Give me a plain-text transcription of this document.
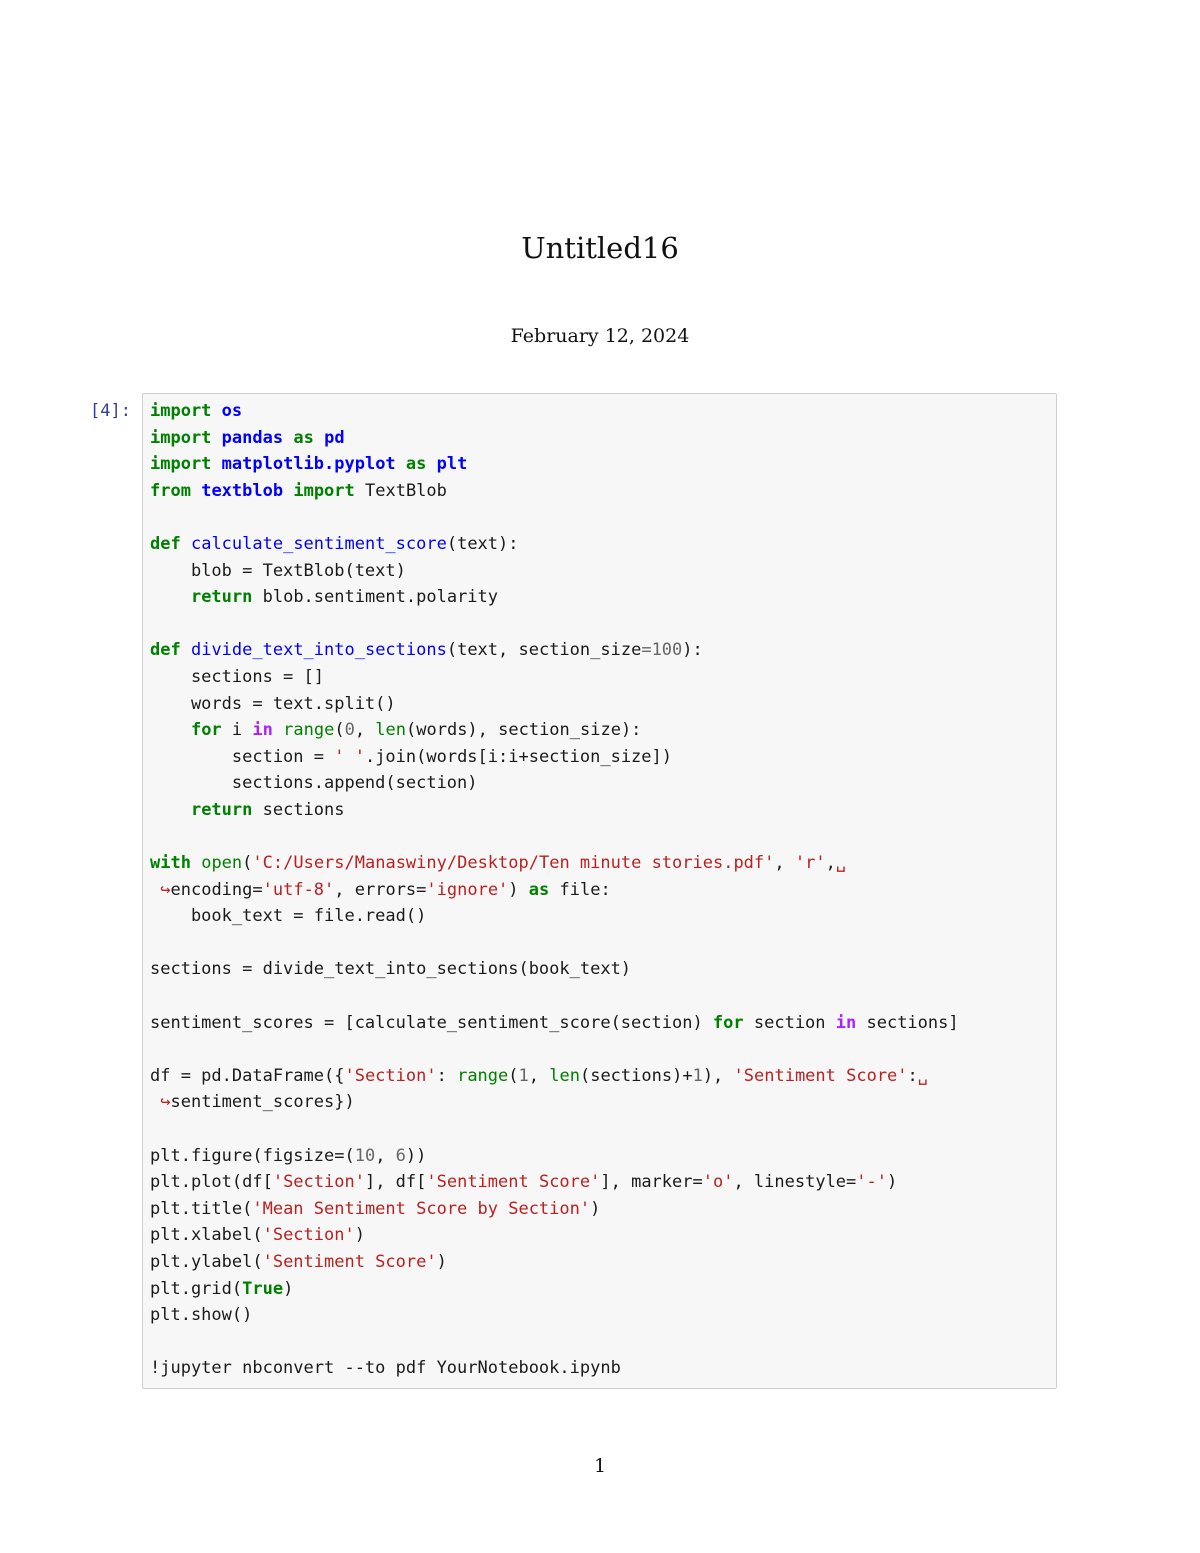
Untitled16
February 12, 2024
[4]: import os
import pandas as pd
import matplotlib.pyplot as plt
from textblob import TextBlob
def calculate_sentiment_score(text):
blob = TextBlob(text)
return blob.sentiment.polarity
def divide_text_into_sections(text, section_size=100):
sections = []
words = text.split()
for i in range(0, len(words), section_size):
section = ' '.join(words[i:i+section_size])
sections.append(section)
return sections
with open('C:/Users/Manaswiny/Desktop/Ten minute stories.pdf', 'r',␣
↪encoding='utf-8', errors='ignore') as file:
book_text = file.read()
sections = divide_text_into_sections(book_text)
sentiment_scores = [calculate_sentiment_score(section) for section in sections]
df = pd.DataFrame({'Section': range(1, len(sections)+1), 'Sentiment Score':␣
↪sentiment_scores})
plt.figure(figsize=(10, 6))
plt.plot(df['Section'], df['Sentiment Score'], marker='o', linestyle='-')
plt.title('Mean Sentiment Score by Section')
plt.xlabel('Section')
plt.ylabel('Sentiment Score')
plt.grid(True)
plt.show()
!jupyter nbconvert --to pdf YourNotebook.ipynb
1
